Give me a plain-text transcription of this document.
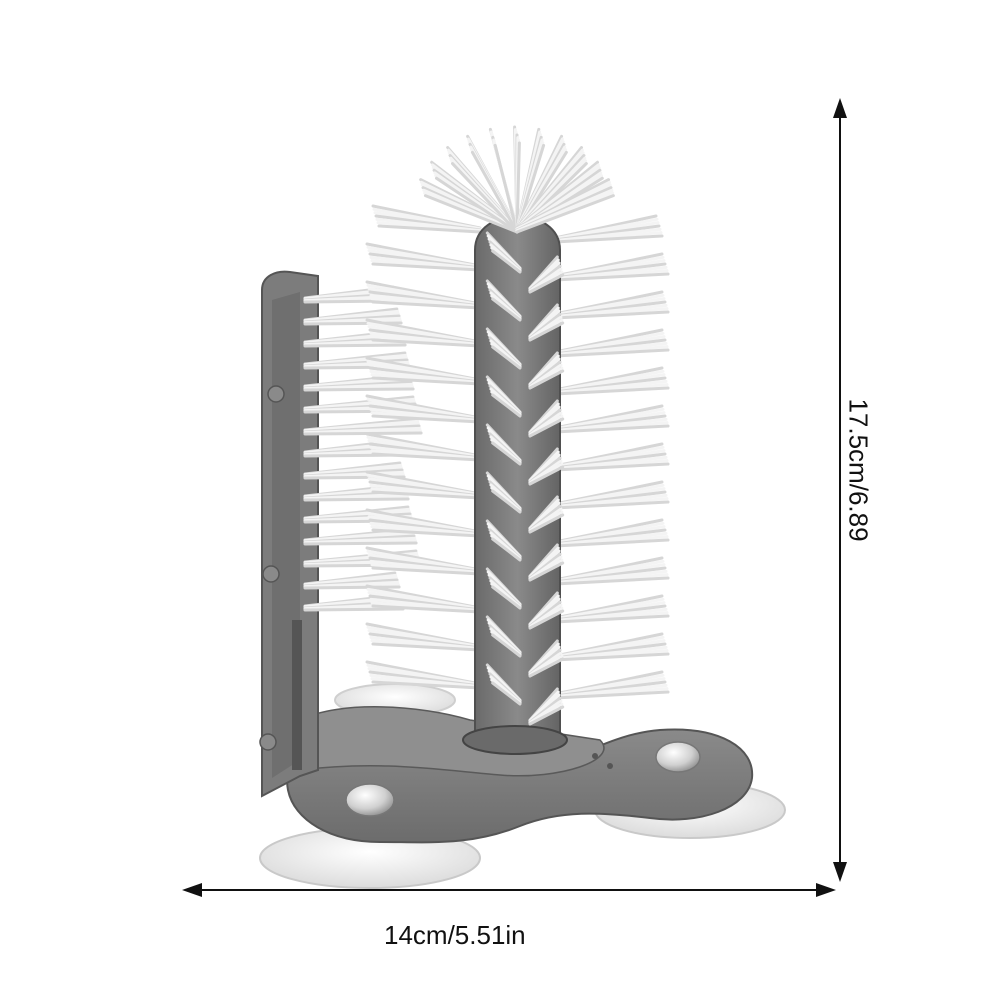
14cm/5.51in
17.5cm/6.89
